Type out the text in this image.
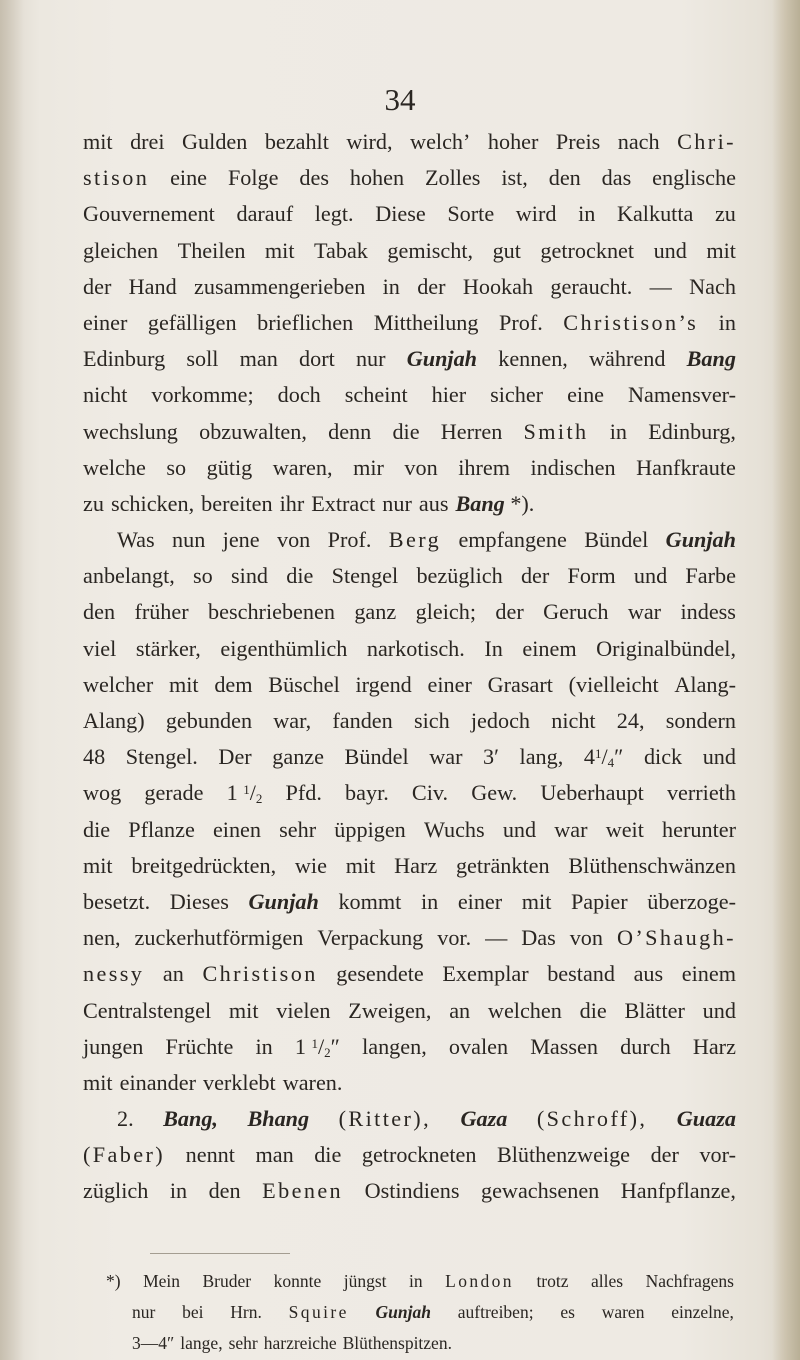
34
mit drei Gulden bezahlt wird, welch’ hoher Preis nach Chri-
stison eine Folge des hohen Zolles ist, den das englische
Gouvernement darauf legt. Diese Sorte wird in Kalkutta zu
gleichen Theilen mit Tabak gemischt, gut getrocknet und mit
der Hand zusammengerieben in der Hookah geraucht. — Nach
einer gefälligen brieflichen Mittheilung Prof. Christison’s in
Edinburg soll man dort nur Gunjah kennen, während Bang
nicht vorkomme; doch scheint hier sicher eine Namensver-
wechslung obzuwalten, denn die Herren Smith in Edinburg,
welche so gütig waren, mir von ihrem indischen Hanfkraute
zu schicken, bereiten ihr Extract nur aus Bang *).
Was nun jene von Prof. Berg empfangene Bündel Gunjah
anbelangt, so sind die Stengel bezüglich der Form und Farbe
den früher beschriebenen ganz gleich; der Geruch war indess
viel stärker, eigenthümlich narkotisch. In einem Originalbündel,
welcher mit dem Büschel irgend einer Grasart (vielleicht Alang-
Alang) gebunden war, fanden sich jedoch nicht 24, sondern
48 Stengel. Der ganze Bündel war 3′ lang, $4^1/_4''$ dick und
wog gerade 1 $^1/_2$ Pfd. bayr. Civ. Gew. Ueberhaupt verrieth
die Pflanze einen sehr üppigen Wuchs und war weit herunter
mit breitgedrückten, wie mit Harz getränkten Blüthenschwänzen
besetzt. Dieses Gunjah kommt in einer mit Papier überzoge-
nen, zuckerhutförmigen Verpackung vor. — Das von O’Shaugh-
nessy an Christison gesendete Exemplar bestand aus einem
Centralstengel mit vielen Zweigen, an welchen die Blätter und
jungen Früchte in 1 $^1/_2''$ langen, ovalen Massen durch Harz
mit einander verklebt waren.
2. Bang, Bhang (Ritter), Gaza (Schroff), Guaza
(Faber) nennt man die getrockneten Blüthenzweige der vor-
züglich in den Ebenen Ostindiens gewachsenen Hanfpflanze,
*) Mein Bruder konnte jüngst in London trotz alles Nachfragens
nur bei Hrn. Squire Gunjah auftreiben; es waren einzelne,
3—4″ lange, sehr harzreiche Blüthenspitzen.
